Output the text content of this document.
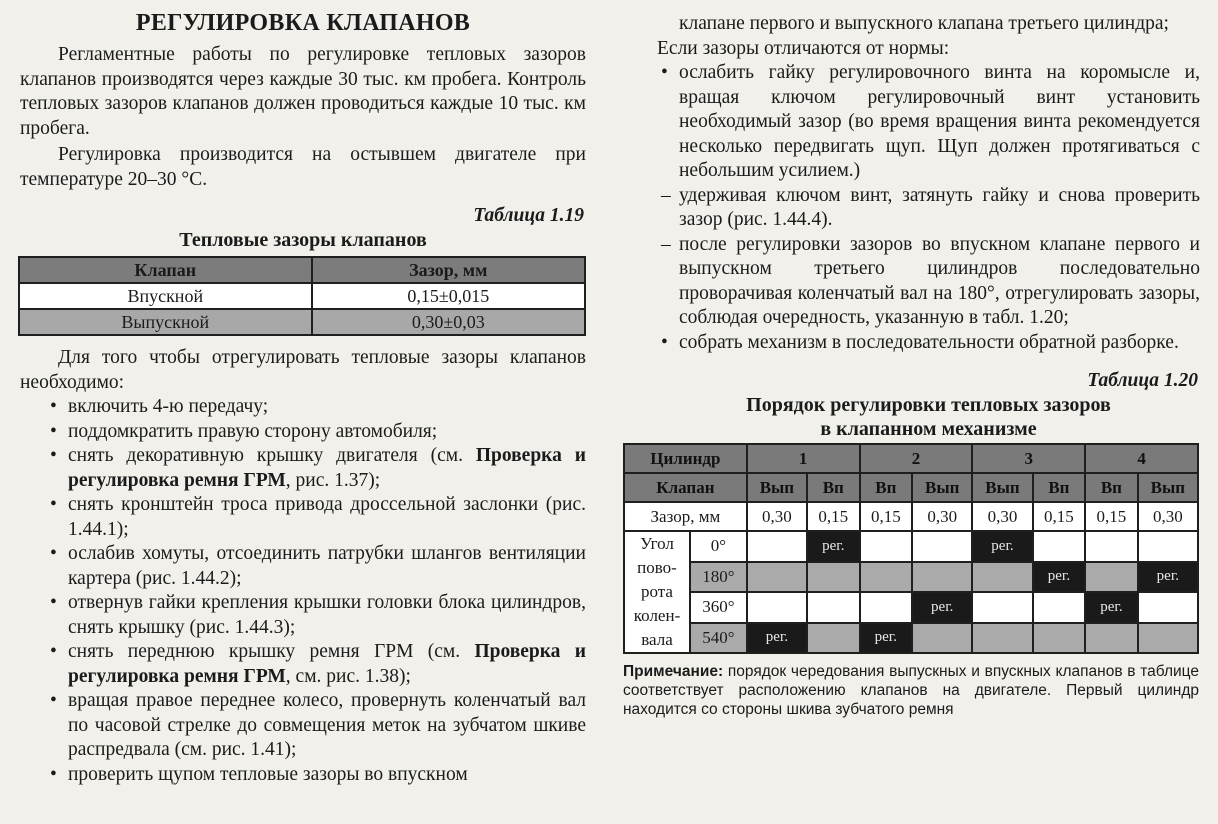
РЕГУЛИРОВКА КЛАПАНОВ

Регламентные работы по регулировке тепловых зазоров клапанов производятся через каждые 30 тыс. км пробега. Контроль тепловых зазоров клапанов должен проводиться каждые 10 тыс. км пробега.

Регулировка производится на остывшем двигателе при температуре 20–30 °С.

Таблица 1.19
Тепловые зазоры клапанов
Клапан	Зазор, мм
Впускной	0,15±0,015
Выпускной	0,30±0,03

Для того чтобы отрегулировать тепловые зазоры клапанов необходимо:

• включить 4-ю передачу;
• поддомкратить правую сторону автомобиля;
• снять декоративную крышку двигателя (см. Проверка и регулировка ремня ГРМ, рис. 1.37);
• снять кронштейн троса привода дроссельной заслонки (рис. 1.44.1);
• ослабив хомуты, отсоединить патрубки шлангов вентиляции картера (рис. 1.44.2);
• отвернув гайки крепления крышки головки блока цилиндров, снять крышку (рис. 1.44.3);
• снять переднюю крышку ремня ГРМ (см. Проверка и регулировка ремня ГРМ, см. рис. 1.38);
• вращая правое переднее колесо, провернуть коленчатый вал по часовой стрелке до совмещения меток на зубчатом шкиве распредвала (см. рис. 1.41);
• проверить щупом тепловые зазоры во впускном

клапане первого и выпускного клапана третьего цилиндра;

Если зазоры отличаются от нормы:

• ослабить гайку регулировочного винта на коромысле и, вращая ключом регулировочный винт установить необходимый зазор (во время вращения винта рекомендуется несколько передвигать щуп. Щуп должен протягиваться с небольшим усилием.)
– удерживая ключом винт, затянуть гайку и снова проверить зазор (рис. 1.44.4).
– после регулировки зазоров во впускном клапане первого и выпускном третьего цилиндров последовательно проворачивая коленчатый вал на 180°, отрегулировать зазоры, соблюдая очередность, указанную в табл. 1.20;
• собрать механизм в последовательности обратной разборке.
Таблица 1.20
Порядок регулировки тепловых зазоров
в клапанном механизме
Цилиндр		1		2		3		4	
Клапан		Вып	Вп	Вп	Вып	Вып	Вп	Вп	Вып
Зазор, мм		0,30	0,15	0,15	0,30	0,30	0,15	0,15	0,30

Угол
пово-
рота
колен-
вала	0°		рег.			рег.			
	180°						рег.		рег.
	360°				рег.			рег.	
	540°	рег.		рег.					
Примечание: порядок чередования выпускных и впускных клапанов в таблице соответствует расположению клапанов на двигателе. Первый цилиндр находится со стороны шкива зубчатого ремня
